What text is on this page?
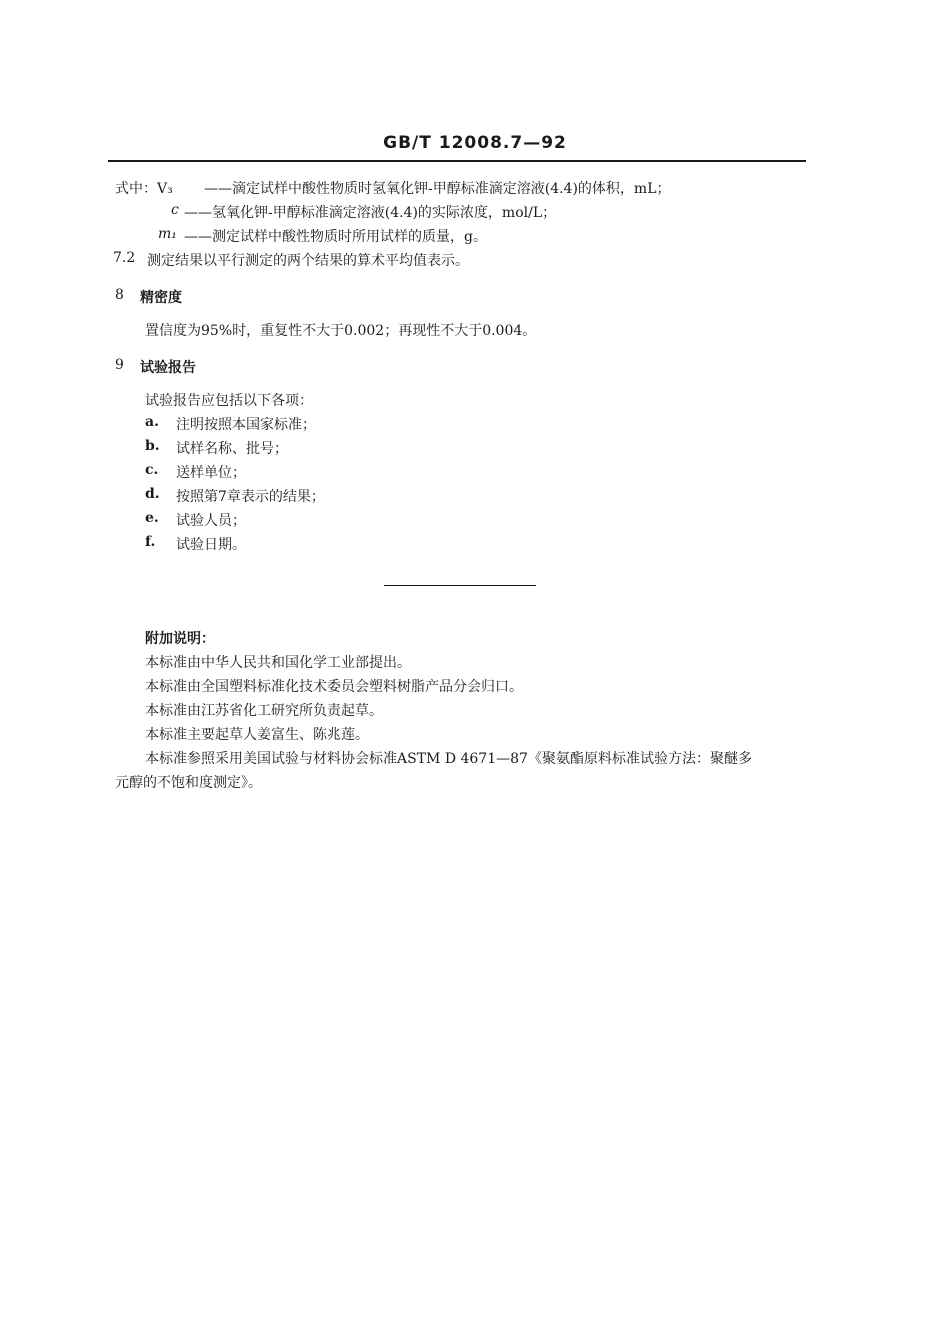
GB/T 12008.7—92
式中：V₃ ——滴定试样中酸性物质时氢氧化钾-甲醇标准滴定溶液(4.4)的体积，mL；
c ——氢氧化钾-甲醇标准滴定溶液(4.4)的实际浓度，mol/L；
m₁ ——测定试样中酸性物质时所用试样的质量，g。
7.2 测定结果以平行测定的两个结果的算术平均值表示。
8 精密度
置信度为95%时，重复性不大于0.002；再现性不大于0.004。
9 试验报告
试验报告应包括以下各项：
a. 注明按照本国家标准；
b. 试样名称、批号；
c. 送样单位；
d. 按照第7章表示的结果；
e. 试验人员；
f. 试验日期。
附加说明：
本标准由中华人民共和国化学工业部提出。
本标准由全国塑料标准化技术委员会塑料树脂产品分会归口。
本标准由江苏省化工研究所负责起草。
本标准主要起草人姜富生、陈兆莲。
本标准参照采用美国试验与材料协会标准ASTM D 4671—87《聚氨酯原料标准试验方法：聚醚多
元醇的不饱和度测定》。
